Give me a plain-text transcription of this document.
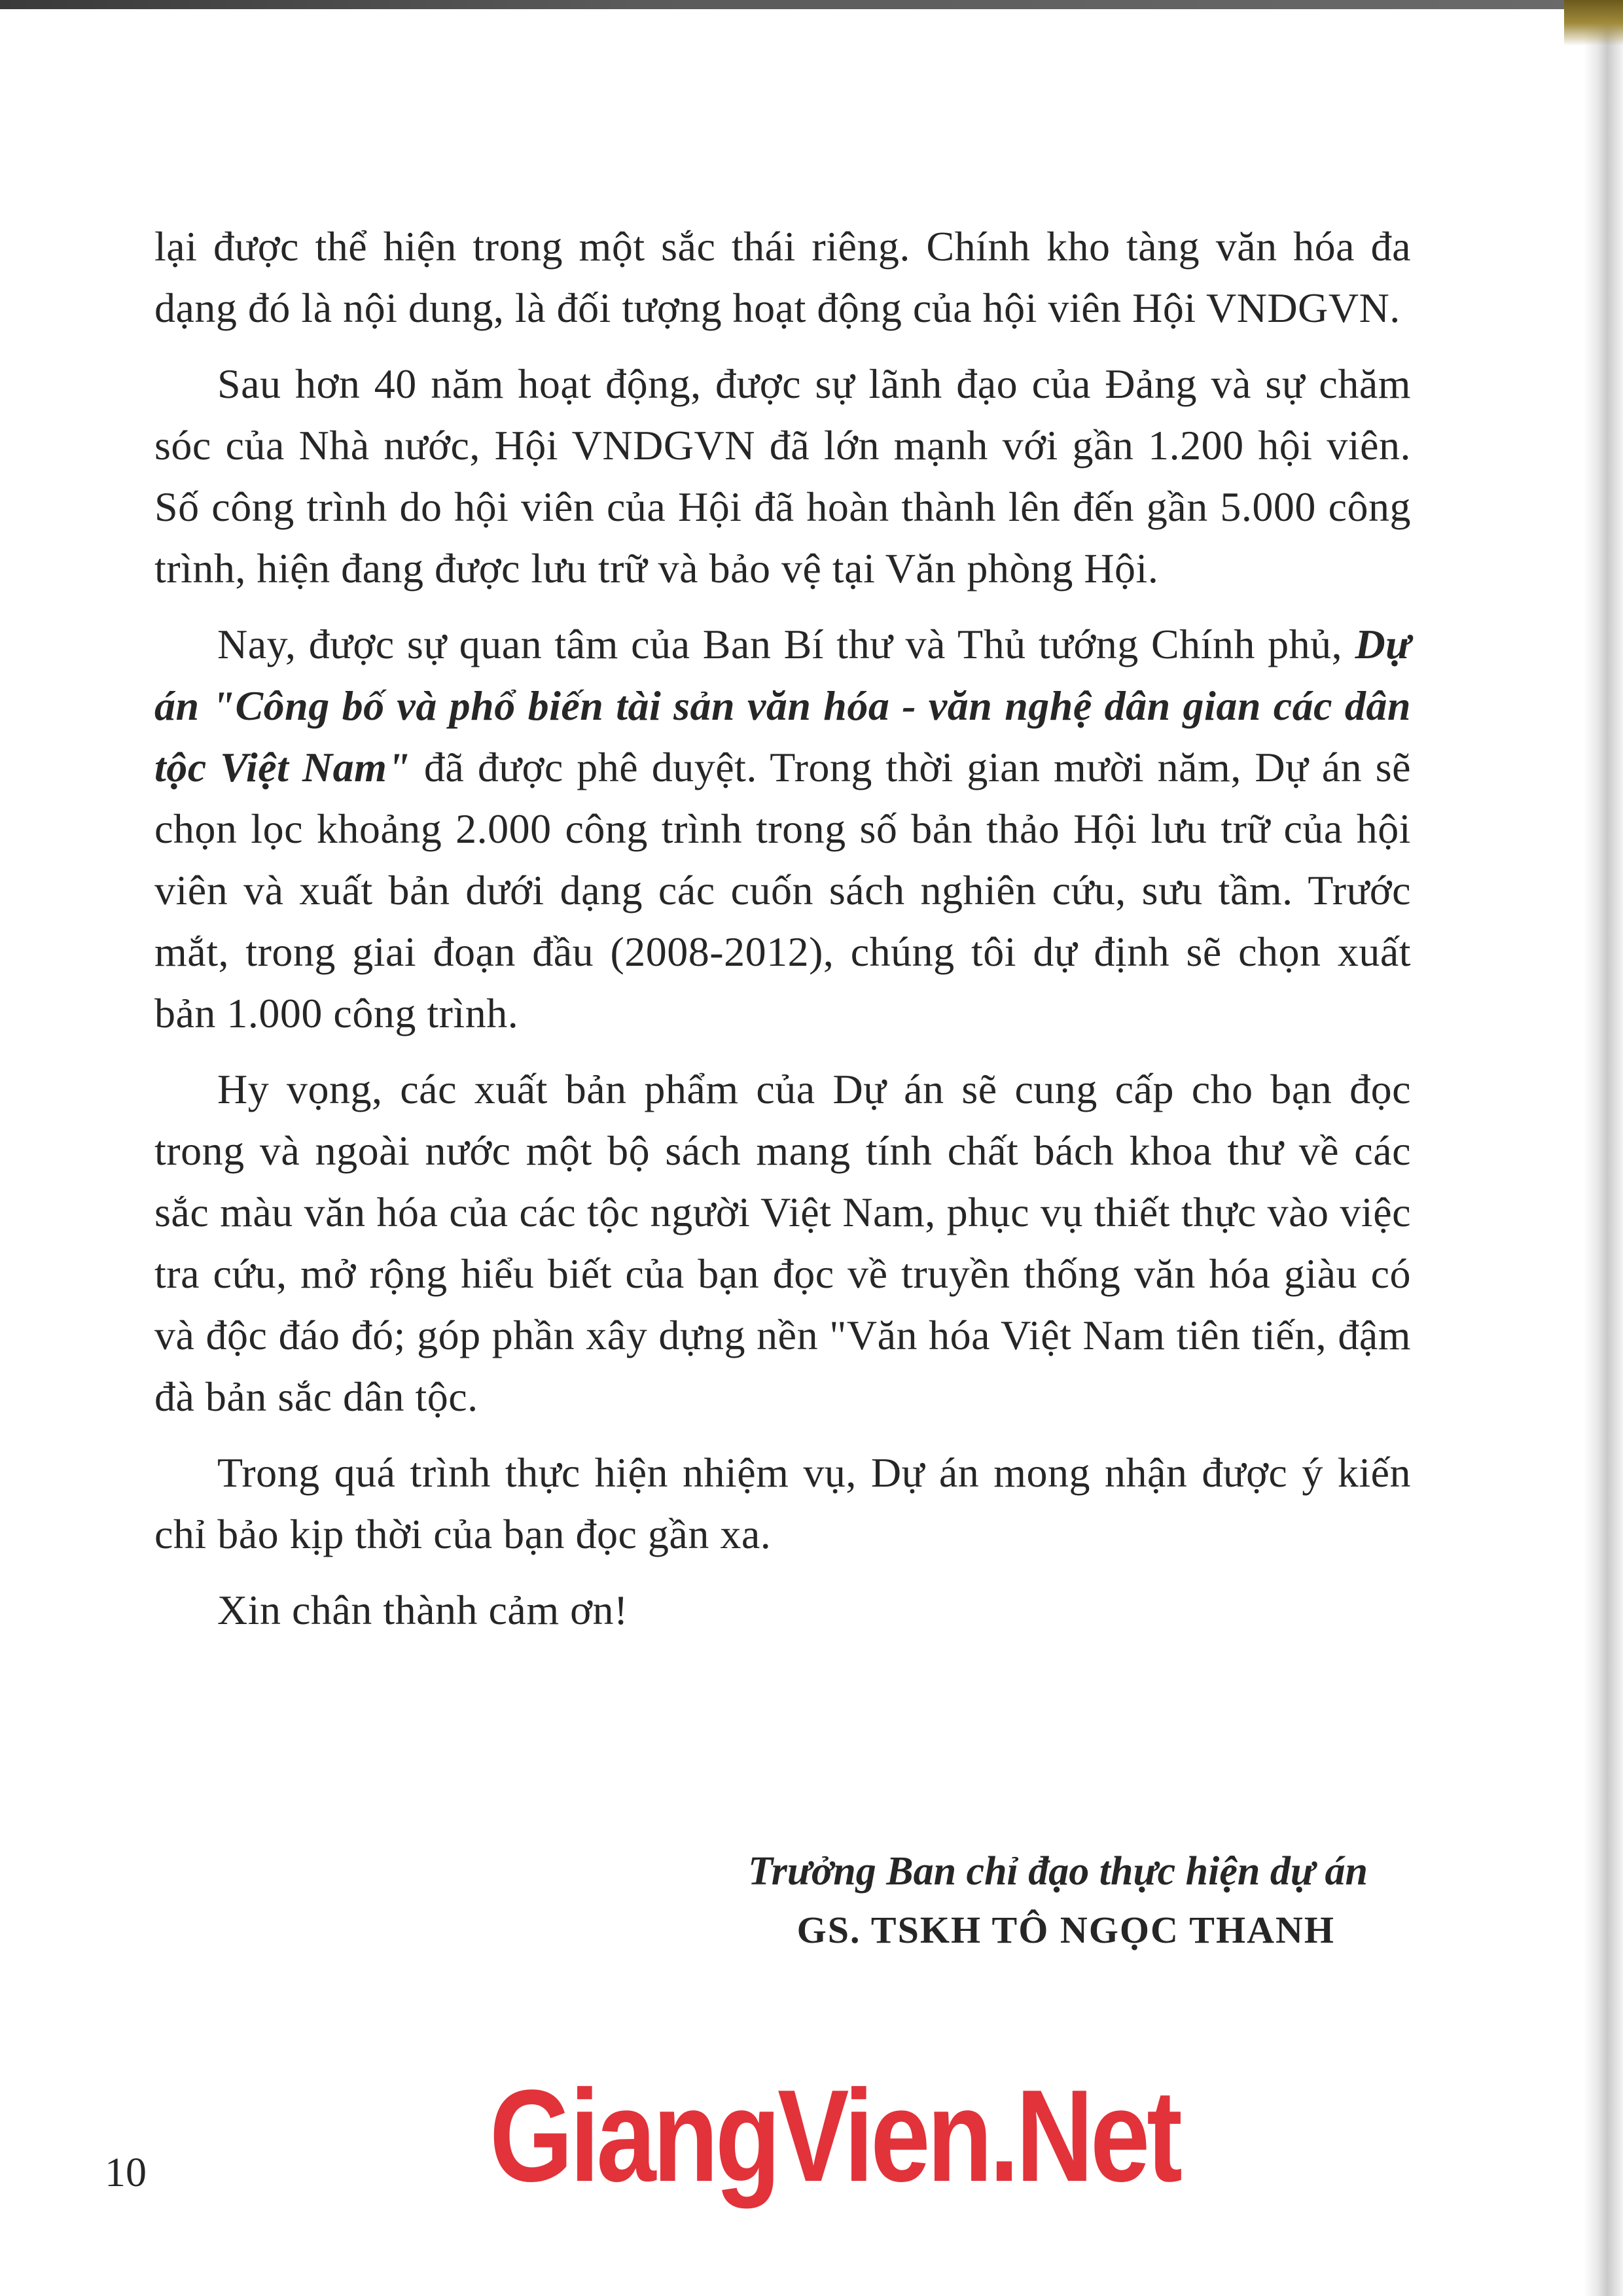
lại được thể hiện trong một sắc thái riêng. Chính kho tàng văn hóa đa dạng đó là nội dung, là đối tượng hoạt động của hội viên Hội VNDGVN.

Sau hơn 40 năm hoạt động, được sự lãnh đạo của Đảng và sự chăm sóc của Nhà nước, Hội VNDGVN đã lớn mạnh với gần 1.200 hội viên. Số công trình do hội viên của Hội đã hoàn thành lên đến gần 5.000 công trình, hiện đang được lưu trữ và bảo vệ tại Văn phòng Hội.

Nay, được sự quan tâm của Ban Bí thư và Thủ tướng Chính phủ, Dự án "Công bố và phổ biến tài sản văn hóa - văn nghệ dân gian các dân tộc Việt Nam" đã được phê duyệt. Trong thời gian mười năm, Dự án sẽ chọn lọc khoảng 2.000 công trình trong số bản thảo Hội lưu trữ của hội viên và xuất bản dưới dạng các cuốn sách nghiên cứu, sưu tầm. Trước mắt, trong giai đoạn đầu (2008-2012), chúng tôi dự định sẽ chọn xuất bản 1.000 công trình.

Hy vọng, các xuất bản phẩm của Dự án sẽ cung cấp cho bạn đọc trong và ngoài nước một bộ sách mang tính chất bách khoa thư về các sắc màu văn hóa của các tộc người Việt Nam, phục vụ thiết thực vào việc tra cứu, mở rộng hiểu biết của bạn đọc về truyền thống văn hóa giàu có và độc đáo đó; góp phần xây dựng nền "Văn hóa Việt Nam tiên tiến, đậm đà bản sắc dân tộc.

Trong quá trình thực hiện nhiệm vụ, Dự án mong nhận được ý kiến chỉ bảo kịp thời của bạn đọc gần xa.

Xin chân thành cảm ơn!

Trưởng Ban chỉ đạo thực hiện dự án
GS. TSKH TÔ NGỌC THANH
10	GiangVien.Net
